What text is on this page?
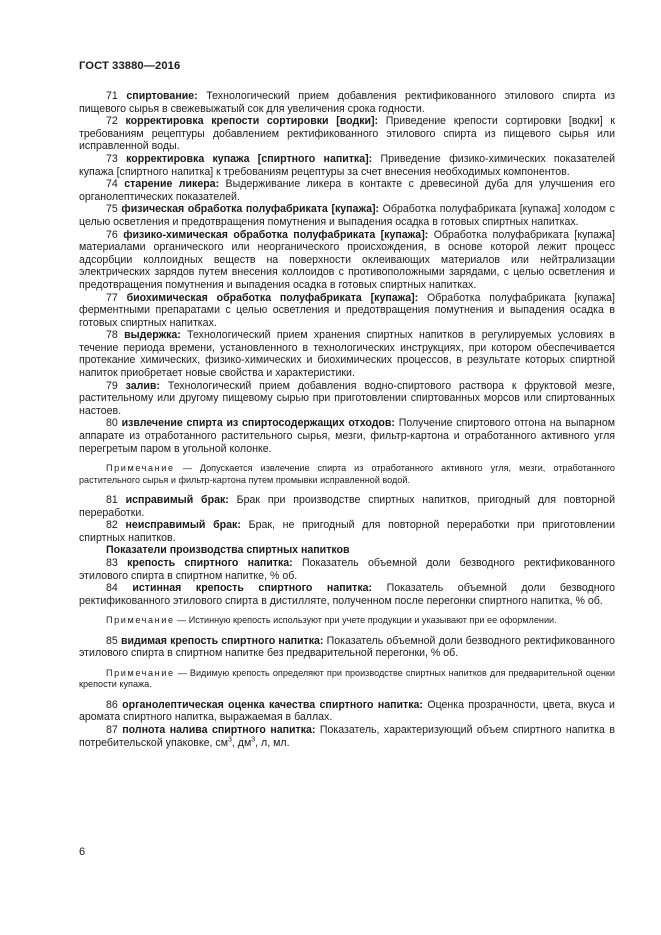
ГОСТ 33880—2016

71 спиртование: Технологический прием добавления ректификованного этилового спирта из пищевого сырья в свежевыжатый сок для увеличения срока годности.

72 корректировка крепости сортировки [водки]: Приведение крепости сортировки [водки] к требованиям рецептуры добавлением ректификованного этилового спирта из пищевого сырья или исправленной воды.

73 корректировка купажа [спиртного напитка]: Приведение физико-химических показателей купажа [спиртного напитка] к требованиям рецептуры за счет внесения необходимых компонентов.

74 старение ликера: Выдерживание ликера в контакте с древесиной дуба для улучшения его органолептических показателей.

75 физическая обработка полуфабриката [купажа]: Обработка полуфабриката [купажа] холодом с целью осветления и предотвращения помутнения и выпадения осадка в готовых спиртных напитках.

76 физико-химическая обработка полуфабриката [купажа]: Обработка полуфабриката [купажа] материалами органического или неорганического происхождения, в основе которой лежит процесс адсорбции коллоидных веществ на поверхности оклеивающих материалов или нейтрализации электрических зарядов путем внесения коллоидов с противоположными зарядами, с целью осветления и предотвращения помутнения и выпадения осадка в готовых спиртных напитках.

77 биохимическая обработка полуфабриката [купажа]: Обработка полуфабриката [купажа] ферментными препаратами с целью осветления и предотвращения помутнения и выпадения осадка в готовых спиртных напитках.

78 выдержка: Технологический прием хранения спиртных напитков в регулируемых условиях в течение периода времени, установленного в технологических инструкциях, при котором обеспечивается протекание химических, физико-химических и биохимических процессов, в результате которых спиртной напиток приобретает новые свойства и характеристики.

79 залив: Технологический прием добавления водно-спиртового раствора к фруктовой мезге, растительному или другому пищевому сырью при приготовлении спиртованных морсов или спиртованных настоев.

80 извлечение спирта из спиртосодержащих отходов: Получение спиртового отгона на выпарном аппарате из отработанного растительного сырья, мезги, фильтр-картона и отработанного активного угля перегретым паром в угольной колонке.

Примечание — Допускается извлечение спирта из отработанного активного угля, мезги, отработанного растительного сырья и фильтр-картона путем промывки исправленной водой.

81 исправимый брак: Брак при производстве спиртных напитков, пригодный для повторной переработки.

82 неисправимый брак: Брак, не пригодный для повторной переработки при приготовлении спиртных напитков.

Показатели производства спиртных напитков

83 крепость спиртного напитка: Показатель объемной доли безводного ректификованного этилового спирта в спиртном напитке, % об.

84 истинная крепость спиртного напитка: Показатель объемной доли безводного ректификованного этилового спирта в дистилляте, полученном после перегонки спиртного напитка, % об.

Примечание — Истинную крепость используют при учете продукции и указывают при ее оформлении.

85 видимая крепость спиртного напитка: Показатель объемной доли безводного ректификованного этилового спирта в спиртном напитке без предварительной перегонки, % об.

Примечание — Видимую крепость определяют при производстве спиртных напитков для предварительной оценки крепости купажа.

86 органолептическая оценка качества спиртного напитка: Оценка прозрачности, цвета, вкуса и аромата спиртного напитка, выражаемая в баллах.

87 полнота налива спиртного напитка: Показатель, характеризующий объем спиртного напитка в потребительской упаковке, $см^3$, $дм^3$, л, мл.

6
